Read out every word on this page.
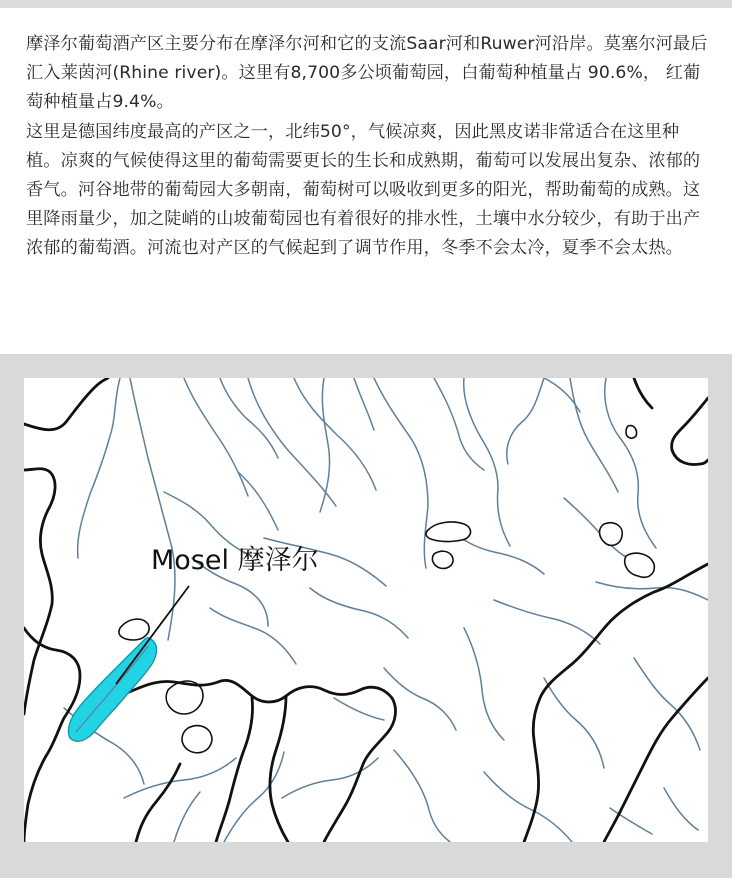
摩泽尔葡萄酒产区主要分布在摩泽尔河和它的支流Saar河和Ruwer河沿岸。莫塞尔河最后汇入莱茵河(Rhine river)。这里有8,700多公顷葡萄园，白葡萄种植量占 90.6%， 红葡萄种植量占9.4%。

这里是德国纬度最高的产区之一，北纬50°，气候凉爽，因此黑皮诺非常适合在这里种植。凉爽的气候使得这里的葡萄需要更长的生长和成熟期，葡萄可以发展出复杂、浓郁的香气。河谷地带的葡萄园大多朝南，葡萄树可以吸收到更多的阳光，帮助葡萄的成熟。这里降雨量少，加之陡峭的山坡葡萄园也有着很好的排水性，土壤中水分较少，有助于出产浓郁的葡萄酒。河流也对产区的气候起到了调节作用，冬季不会太冷，夏季不会太热。

Mosel 摩泽尔
